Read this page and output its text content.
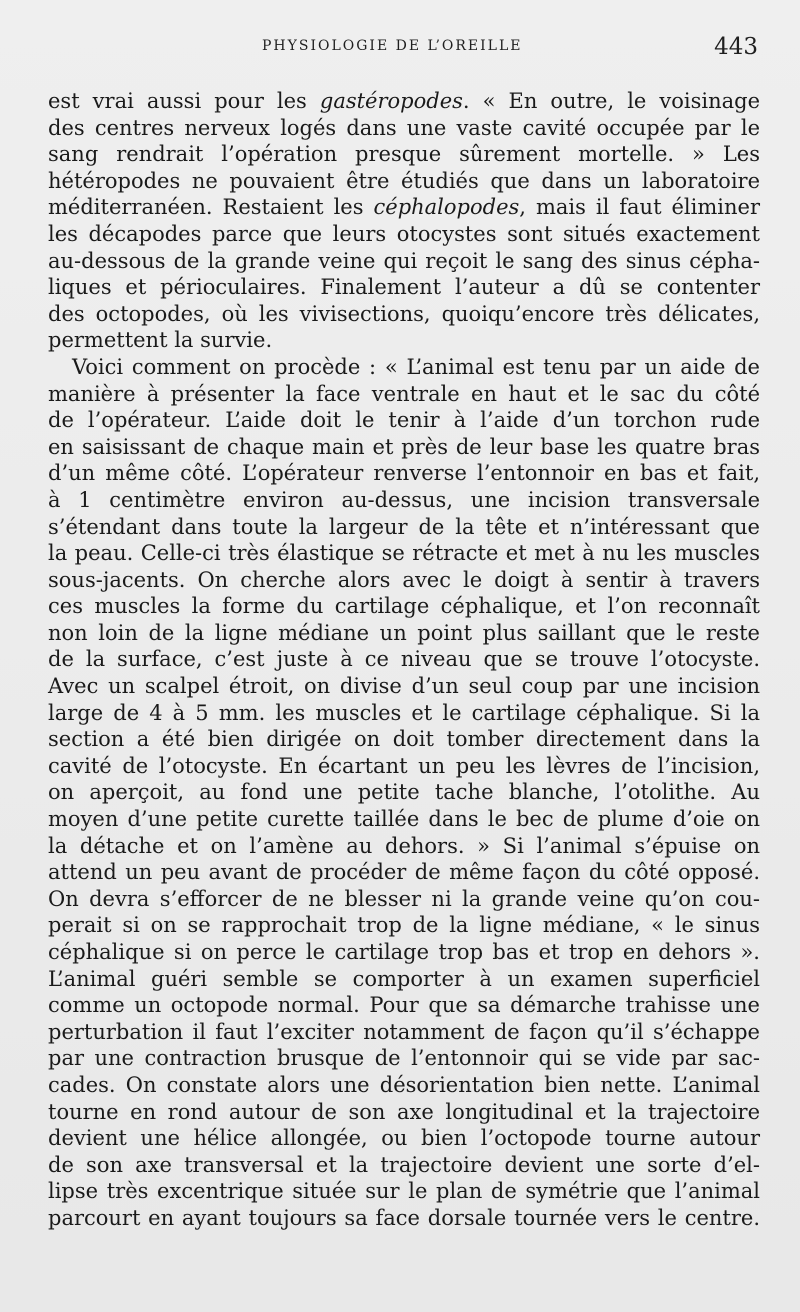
PHYSIOLOGIE DE L’OREILLE	443
est vrai aussi pour les gastéropodes. « En outre, le voisinage
des centres nerveux logés dans une vaste cavité occupée par le
sang rendrait l’opération presque sûrement mortelle. » Les
hétéropodes ne pouvaient être étudiés que dans un laboratoire
méditerranéen. Restaient les céphalopodes, mais il faut éliminer
les décapodes parce que leurs otocystes sont situés exactement
au-dessous de la grande veine qui reçoit le sang des sinus cépha-
liques et périoculaires. Finalement l’auteur a dû se contenter
des octopodes, où les vivisections, quoiqu’encore très délicates,
permettent la survie.
Voici comment on procède : « L’animal est tenu par un aide de
manière à présenter la face ventrale en haut et le sac du côté
de l’opérateur. L’aide doit le tenir à l’aide d’un torchon rude
en saisissant de chaque main et près de leur base les quatre bras
d’un même côté. L’opérateur renverse l’entonnoir en bas et fait,
à 1 centimètre environ au-dessus, une incision transversale
s’étendant dans toute la largeur de la tête et n’intéressant que
la peau. Celle-ci très élastique se rétracte et met à nu les muscles
sous-jacents. On cherche alors avec le doigt à sentir à travers
ces muscles la forme du cartilage céphalique, et l’on reconnaît
non loin de la ligne médiane un point plus saillant que le reste
de la surface, c’est juste à ce niveau que se trouve l’otocyste.
Avec un scalpel étroit, on divise d’un seul coup par une incision
large de 4 à 5 mm. les muscles et le cartilage céphalique. Si la
section a été bien dirigée on doit tomber directement dans la
cavité de l’otocyste. En écartant un peu les lèvres de l’incision,
on aperçoit, au fond une petite tache blanche, l’otolithe. Au
moyen d’une petite curette taillée dans le bec de plume d’oie on
la détache et on l’amène au dehors. » Si l’animal s’épuise on
attend un peu avant de procéder de même façon du côté opposé.
On devra s’efforcer de ne blesser ni la grande veine qu’on cou-
perait si on se rapprochait trop de la ligne médiane, « le sinus
céphalique si on perce le cartilage trop bas et trop en dehors ».
L’animal guéri semble se comporter à un examen superficiel
comme un octopode normal. Pour que sa démarche trahisse une
perturbation il faut l’exciter notamment de façon qu’il s’échappe
par une contraction brusque de l’entonnoir qui se vide par sac-
cades. On constate alors une désorientation bien nette. L’animal
tourne en rond autour de son axe longitudinal et la trajectoire
devient une hélice allongée, ou bien l’octopode tourne autour
de son axe transversal et la trajectoire devient une sorte d’el-
lipse très excentrique située sur le plan de symétrie que l’animal
parcourt en ayant toujours sa face dorsale tournée vers le centre.
